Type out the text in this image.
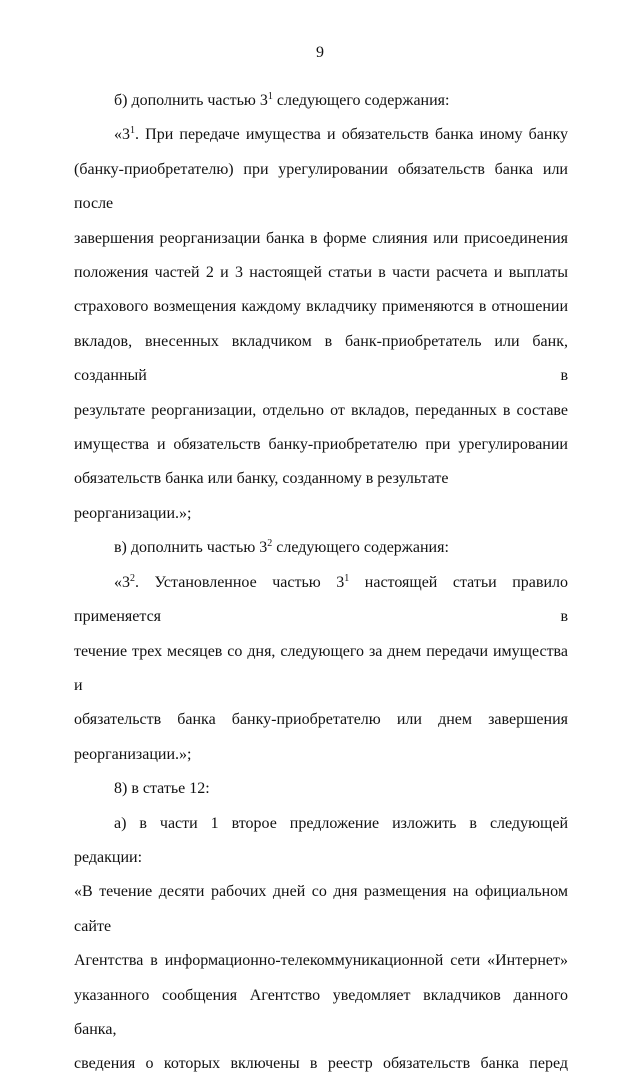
9

б) дополнить частью $3^1$ следующего содержания:

«$3^1$. При передаче имущества и обязательств банка иному банку

(банку-приобретателю) при урегулировании обязательств банка или после

завершения реорганизации банка в форме слияния или присоединения

положения частей 2 и 3 настоящей статьи в части расчета и выплаты

страхового возмещения каждому вкладчику применяются в отношении

вкладов, внесенных вкладчиком в банк-приобретатель или банк, созданный в

результате реорганизации, отдельно от вкладов, переданных в составе

имущества и обязательств банку-приобретателю при урегулировании

обязательств банка или банку, созданному в результате реорганизации.»;

в) дополнить частью $3^2$ следующего содержания:

«$3^2$. Установленное частью $3^1$ настоящей статьи правило применяется в

течение трех месяцев со дня, следующего за днем передачи имущества и

обязательств банка банку-приобретателю или днем завершения

реорганизации.»;

8) в статье 12:

а) в части 1 второе предложение изложить в следующей редакции:

«В течение десяти рабочих дней со дня размещения на официальном сайте

Агентства в информационно-телекоммуникационной сети «Интернет»

указанного сообщения Агентство уведомляет вкладчиков данного банка,

сведения о которых включены в реестр обязательств банка перед
